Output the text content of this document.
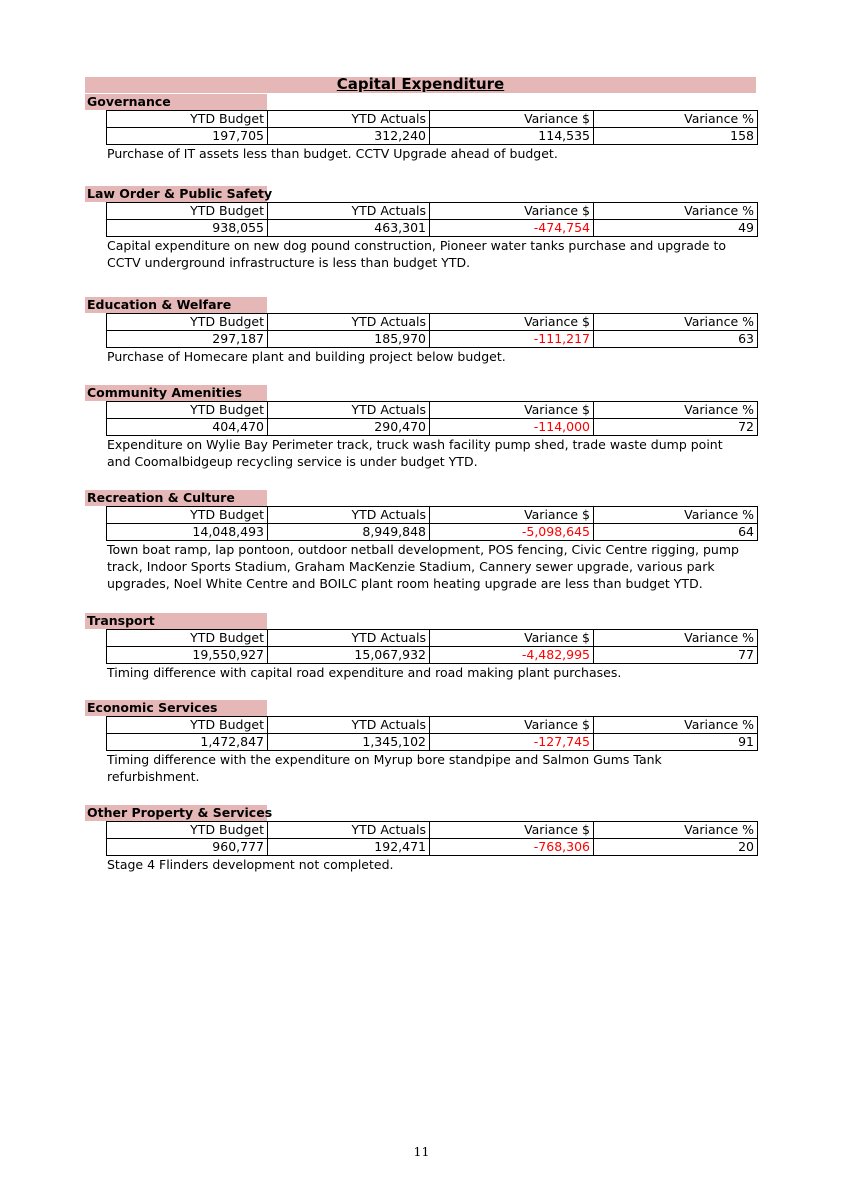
Capital Expenditure
Governance
YTD Budget	YTD Actuals	Variance $	Variance %
197,705	312,240	114,535	158
Purchase of IT assets less than budget. CCTV Upgrade ahead of budget.
Law Order & Public Safety
YTD Budget	YTD Actuals	Variance $	Variance %
938,055	463,301	-474,754	49
Capital expenditure on new dog pound construction, Pioneer water tanks purchase and upgrade to CCTV underground infrastructure is less than budget YTD.
Education & Welfare
YTD Budget	YTD Actuals	Variance $	Variance %
297,187	185,970	-111,217	63
Purchase of Homecare plant and building project below budget.
Community Amenities
YTD Budget	YTD Actuals	Variance $	Variance %
404,470	290,470	-114,000	72
Expenditure on Wylie Bay Perimeter track, truck wash facility pump shed, trade waste dump point and Coomalbidgeup recycling service is under budget YTD.
Recreation & Culture
YTD Budget	YTD Actuals	Variance $	Variance %
14,048,493	8,949,848	-5,098,645	64
Town boat ramp, lap pontoon, outdoor netball development, POS fencing, Civic Centre rigging, pump track, Indoor Sports Stadium, Graham MacKenzie Stadium, Cannery sewer upgrade, various park upgrades, Noel White Centre and BOILC plant room heating upgrade are less than budget YTD.
Transport
YTD Budget	YTD Actuals	Variance $	Variance %
19,550,927	15,067,932	-4,482,995	77
Timing difference with capital road expenditure and road making plant purchases.
Economic Services
YTD Budget	YTD Actuals	Variance $	Variance %
1,472,847	1,345,102	-127,745	91
Timing difference with the expenditure on Myrup bore standpipe and Salmon Gums Tank refurbishment.
Other Property & Services
YTD Budget	YTD Actuals	Variance $	Variance %
960,777	192,471	-768,306	20
Stage 4 Flinders development not completed.
11
